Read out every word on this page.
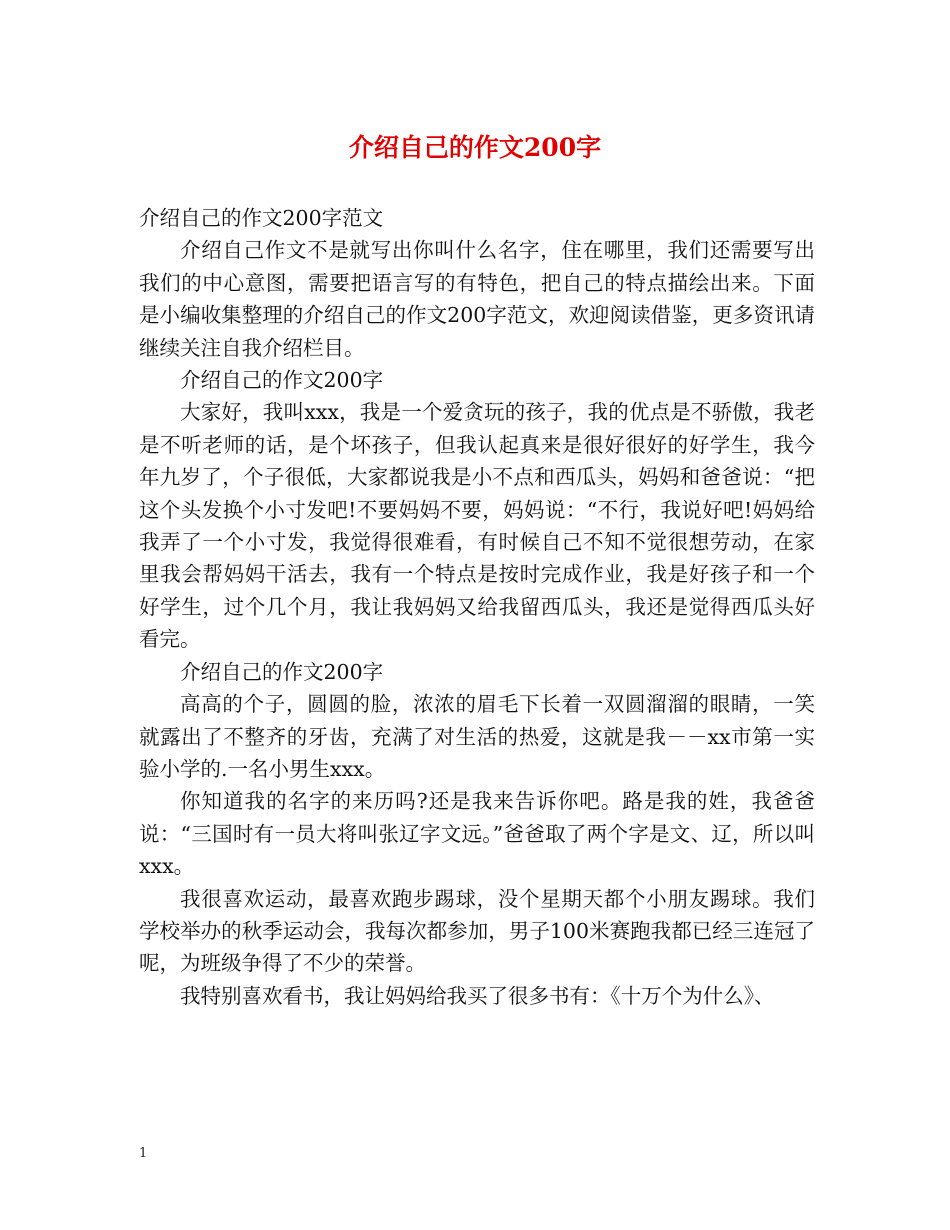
介绍自己的作文200字

介绍自己的作文200字范文

介绍自己作文不是就写出你叫什么名字，住在哪里，我们还需要写出我们的中心意图，需要把语言写的有特色，把自己的特点描绘出来。下面是小编收集整理的介绍自己的作文200字范文，欢迎阅读借鉴，更多资讯请继续关注自我介绍栏目。

介绍自己的作文200字

大家好，我叫xxx，我是一个爱贪玩的孩子，我的优点是不骄傲，我老是不听老师的话，是个坏孩子，但我认起真来是很好很好的好学生，我今年九岁了，个子很低，大家都说我是小不点和西瓜头，妈妈和爸爸说：“把这个头发换个小寸发吧!不要妈妈不要，妈妈说：“不行，我说好吧!妈妈给我弄了一个小寸发，我觉得很难看，有时候自己不知不觉很想劳动，在家里我会帮妈妈干活去，我有一个特点是按时完成作业，我是好孩子和一个好学生，过个几个月，我让我妈妈又给我留西瓜头，我还是觉得西瓜头好看完。

介绍自己的作文200字

高高的个子，圆圆的脸，浓浓的眉毛下长着一双圆溜溜的眼睛，一笑就露出了不整齐的牙齿，充满了对生活的热爱，这就是我－－xx市第一实验小学的.一名小男生xxx。

你知道我的名字的来历吗?还是我来告诉你吧。路是我的姓，我爸爸说：“三国时有一员大将叫张辽字文远。”爸爸取了两个字是文、辽，所以叫xxx。

我很喜欢运动，最喜欢跑步踢球，没个星期天都个小朋友踢球。我们学校举办的秋季运动会，我每次都参加，男子100米赛跑我都已经三连冠了呢，为班级争得了不少的荣誉。

我特别喜欢看书，我让妈妈给我买了很多书有：《十万个为什么》、

1
